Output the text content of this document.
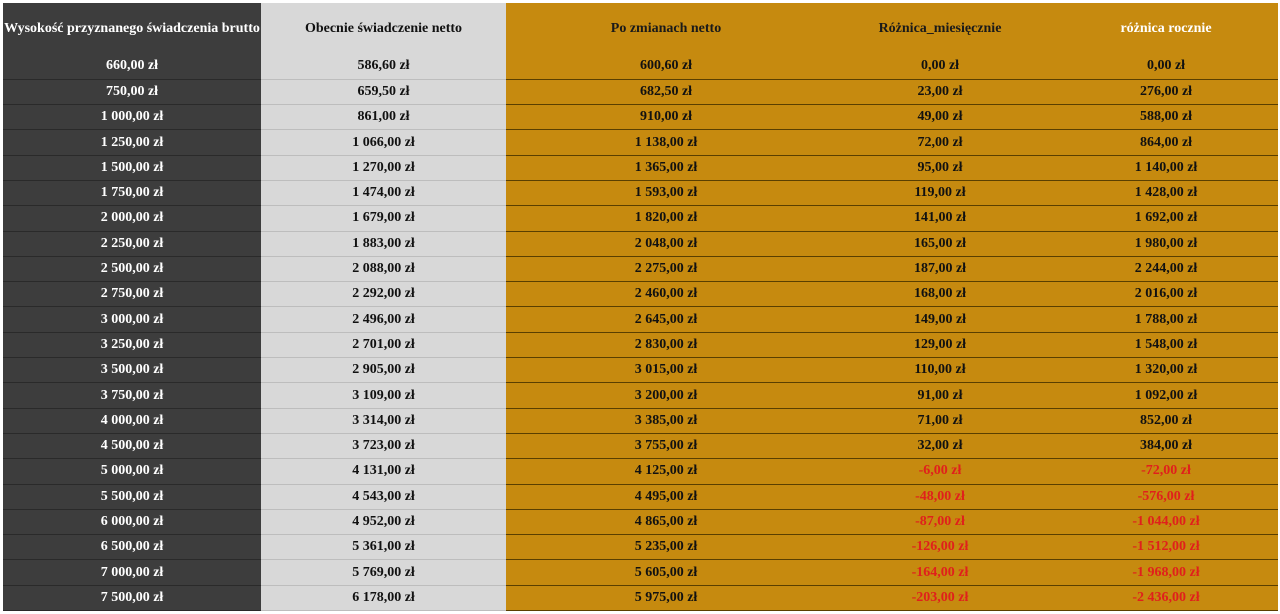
Wysokość przyznanego świadczenia brutto	Obecnie świadczenie netto	Po zmianach netto	Różnica_miesięcznie	różnica rocznie
660,00 zł	586,60 zł	600,60 zł	0,00 zł	0,00 zł
750,00 zł	659,50 zł	682,50 zł	23,00 zł	276,00 zł
1 000,00 zł	861,00 zł	910,00 zł	49,00 zł	588,00 zł
1 250,00 zł	1 066,00 zł	1 138,00 zł	72,00 zł	864,00 zł
1 500,00 zł	1 270,00 zł	1 365,00 zł	95,00 zł	1 140,00 zł
1 750,00 zł	1 474,00 zł	1 593,00 zł	119,00 zł	1 428,00 zł
2 000,00 zł	1 679,00 zł	1 820,00 zł	141,00 zł	1 692,00 zł
2 250,00 zł	1 883,00 zł	2 048,00 zł	165,00 zł	1 980,00 zł
2 500,00 zł	2 088,00 zł	2 275,00 zł	187,00 zł	2 244,00 zł
2 750,00 zł	2 292,00 zł	2 460,00 zł	168,00 zł	2 016,00 zł
3 000,00 zł	2 496,00 zł	2 645,00 zł	149,00 zł	1 788,00 zł
3 250,00 zł	2 701,00 zł	2 830,00 zł	129,00 zł	1 548,00 zł
3 500,00 zł	2 905,00 zł	3 015,00 zł	110,00 zł	1 320,00 zł
3 750,00 zł	3 109,00 zł	3 200,00 zł	91,00 zł	1 092,00 zł
4 000,00 zł	3 314,00 zł	3 385,00 zł	71,00 zł	852,00 zł
4 500,00 zł	3 723,00 zł	3 755,00 zł	32,00 zł	384,00 zł
5 000,00 zł	4 131,00 zł	4 125,00 zł	-6,00 zł	-72,00 zł
5 500,00 zł	4 543,00 zł	4 495,00 zł	-48,00 zł	-576,00 zł
6 000,00 zł	4 952,00 zł	4 865,00 zł	-87,00 zł	-1 044,00 zł
6 500,00 zł	5 361,00 zł	5 235,00 zł	-126,00 zł	-1 512,00 zł
7 000,00 zł	5 769,00 zł	5 605,00 zł	-164,00 zł	-1 968,00 zł
7 500,00 zł	6 178,00 zł	5 975,00 zł	-203,00 zł	-2 436,00 zł
